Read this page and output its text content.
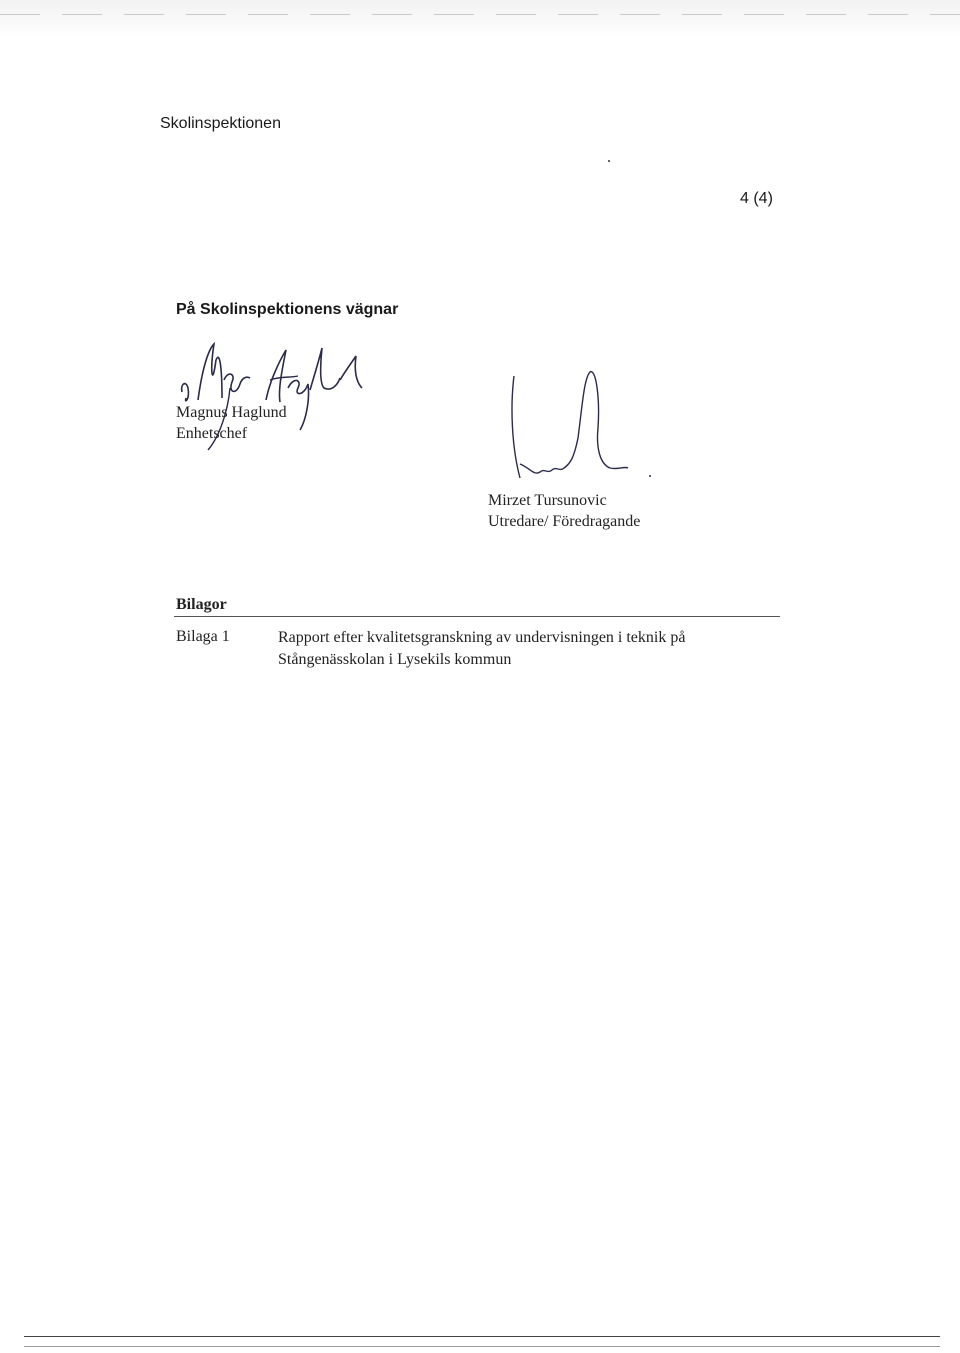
Skolinspektionen
4 (4)
På Skolinspektionens vägnar
Magnus Haglund
Enhetschef
Mirzet Tursunovic
Utredare/ Föredragande
Bilagor
Bilaga 1	Rapport efter kvalitetsgranskning av undervisningen i teknik på
Stångenässkolan i Lysekils kommun
